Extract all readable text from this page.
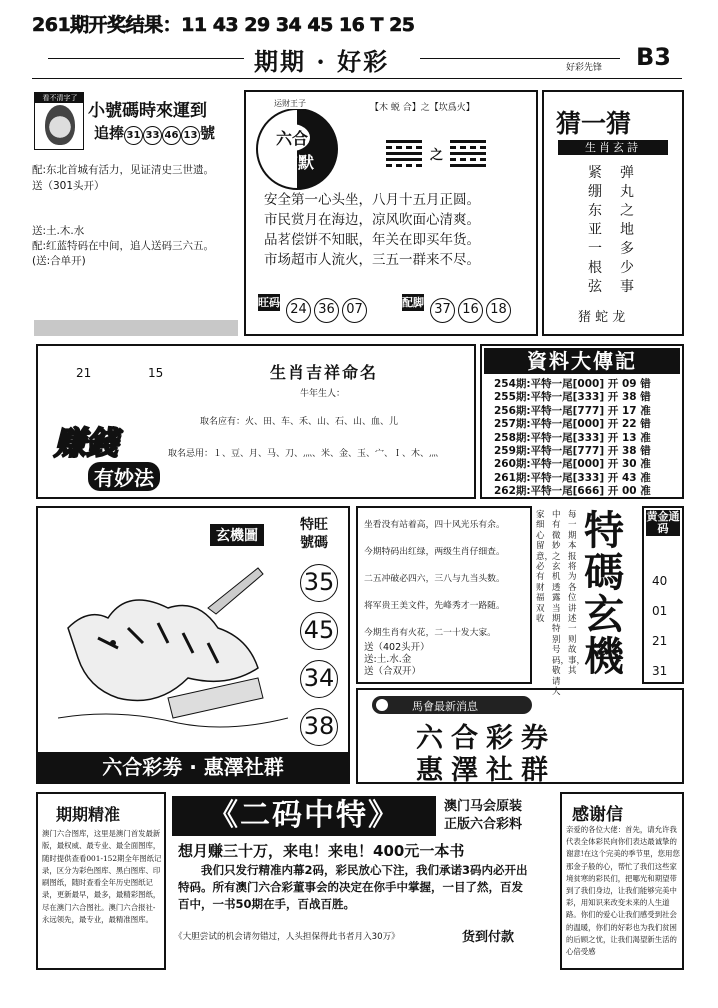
261期开奖结果：11 43 29 34 45 16 T 25
期期 · 好彩	好彩先锋 B3
看不清字了
小號碼時來運到
追捧 31 33 46 13 號
配:东北首城有活力，见证清史三世遗。
送（301头开）
送:土.木.水
配:红蓝特码在中间，追人送码三六五。
(送:合单开)
运财王子
六合
幽默
【木 蜕 合】之【坎爲火】
之
安全第一心头坐，八月十五月正圆。
市民赏月在海边，凉风吹面心清爽。
品茗偿饼不知眠，年关在即买年货。
市场超市人流火，三五一群来不尽。
旺码 24 36 07	配脚 37 16 18
猜一猜
生肖玄詩
紧绷东亚一根弦
弹丸之地多少事
猪 蛇 龙
21	15	生肖吉祥命名
牛年生人：
取名应有：火、田、车、禾、山、石、山、血、儿
取名忌用：１、豆、月、马、刀、灬、米、金、玉、宀、Ｉ、木、灬
赚錢
有妙法
資料大傳記
254期:平特一尾[000] 开 09 错
255期:平特一尾[333] 开 38 错
256期:平特一尾[777] 开 17 准
257期:平特一尾[000] 开 22 错
258期:平特一尾[333] 开 13 准
259期:平特一尾[777] 开 38 错
260期:平特一尾[000] 开 30 准
261期:平特一尾[333] 开 43 准
262期:平特一尾[666] 开 00 准
玄機圖
特旺
號碼
35
45
34
38
六合彩劵 · 惠澤社群
坐看没有站着高，四十风光乐有余。
今期特码出红绿，两级生肖仔细查。
二五冲破必四六，三八与九当头数。
将军贵王美文件，先峰秀才一路随。
今期生肖有火花，二一十发大家。
送（402头开）
送:土.水.金
送（合双开）
每一期本报将为各位讲述一则故事，其
中有微妙之玄机透露当期特别号码，敬请大
家细心留意，必有财福双收
特碼
玄機
黄金通码
40
01
21
31
馬會最新消息
六合彩券
惠澤社群
期期精准
澳门六合图库，这里是澳门首发最新版，最权威、最专业、最全面图库，随时提供查看001-152期全年图纸记录，区分为彩色图库、黑白图库、印刷图纸，随时查看全年历史图纸记录，更新最早，最多，最精彩图纸，尽在澳门六合图社。澳门六合报社-永远领先，最专业，最精准图库。
《二码中特》	澳门马会原装
正版六合彩料
想月赚三十万，来电！来电！400元一本书
我们只发行精准内幕2码，彩民放心下注，我们承诺3码内必开出特码。所有澳门六合彩董事会的决定在你手中掌握，一目了然，百发百中，一书50期在手，百战百胜。
《大胆尝试的机会请勿错过，人头担保得此书者月入30万》	货到付款
感谢信
亲爱的各位大佬：首先，请允许我代表全体彩民向你们表达最诚挚的谢意!在这个完美的季节里，您用您那金子般的心，帮忙了我们这些家境贫寒的彩民们，把哪光和期望带到了我们身边，让我们能够完美中彩，用知识来改变未来的人生道路。你们的爱心让我们感受到社会的温暖，你们的好彩也为我们贫困的后顾之忧，让我们渴望新生活的心倍受感
